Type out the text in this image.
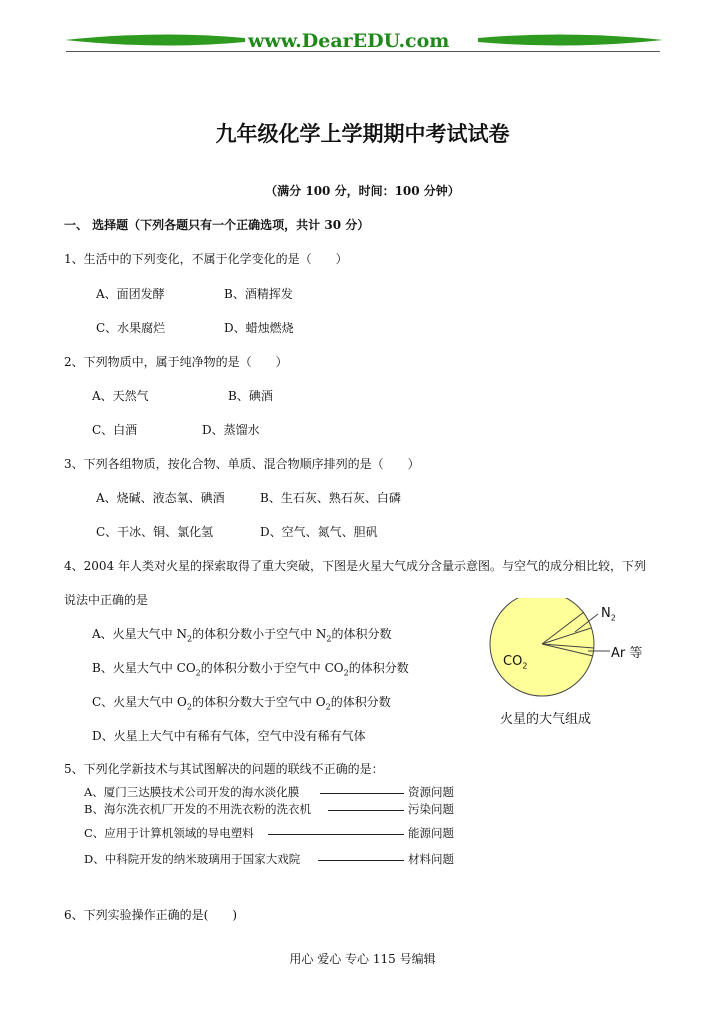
www.DearEDU.com
九年级化学上学期期中考试试卷
（满分 100 分，时间：100 分钟）
一、 选择题（下列各题只有一个正确选项，共计 30 分）
1、生活中的下列变化，不属于化学变化的是（　　）
A、面团发酵	B、酒精挥发
C、水果腐烂	D、蜡烛燃烧
2、下列物质中，属于纯净物的是（　　）
A、天然气	B、碘酒
C、白酒	D、蒸馏水
3、下列各组物质，按化合物、单质、混合物顺序排列的是（　　）
A、烧碱、液态氧、碘酒	B、生石灰、熟石灰、白磷
C、干冰、铜、氯化氢	D、空气、氮气、胆矾
4、2004 年人类对火星的探索取得了重大突破，下图是火星大气成分含量示意图。与空气的成分相比较，下列
说法中正确的是
A、火星大气中 $N_2$的体积分数小于空气中 $N_2$的体积分数
B、火星大气中 $CO_2$的体积分数小于空气中 $CO_2$的体积分数
C、火星大气中 $O_2$的体积分数大于空气中 $O_2$的体积分数
D、火星上大气中有稀有气体，空气中没有稀有气体
$N_2$
Ar 等
$CO_2$
火星的大气组成
5、下列化学新技术与其试图解决的问题的联线不正确的是：
A、厦门三达膜技术公司开发的海水淡化膜	资源问题
B、海尔洗衣机厂开发的不用洗衣粉的洗衣机	污染问题
C、应用于计算机领域的导电塑料	能源问题
D、中科院开发的纳米玻璃用于国家大戏院	材料问题
6、下列实验操作正确的是(　　)
用心 爱心 专心 115 号编辑
